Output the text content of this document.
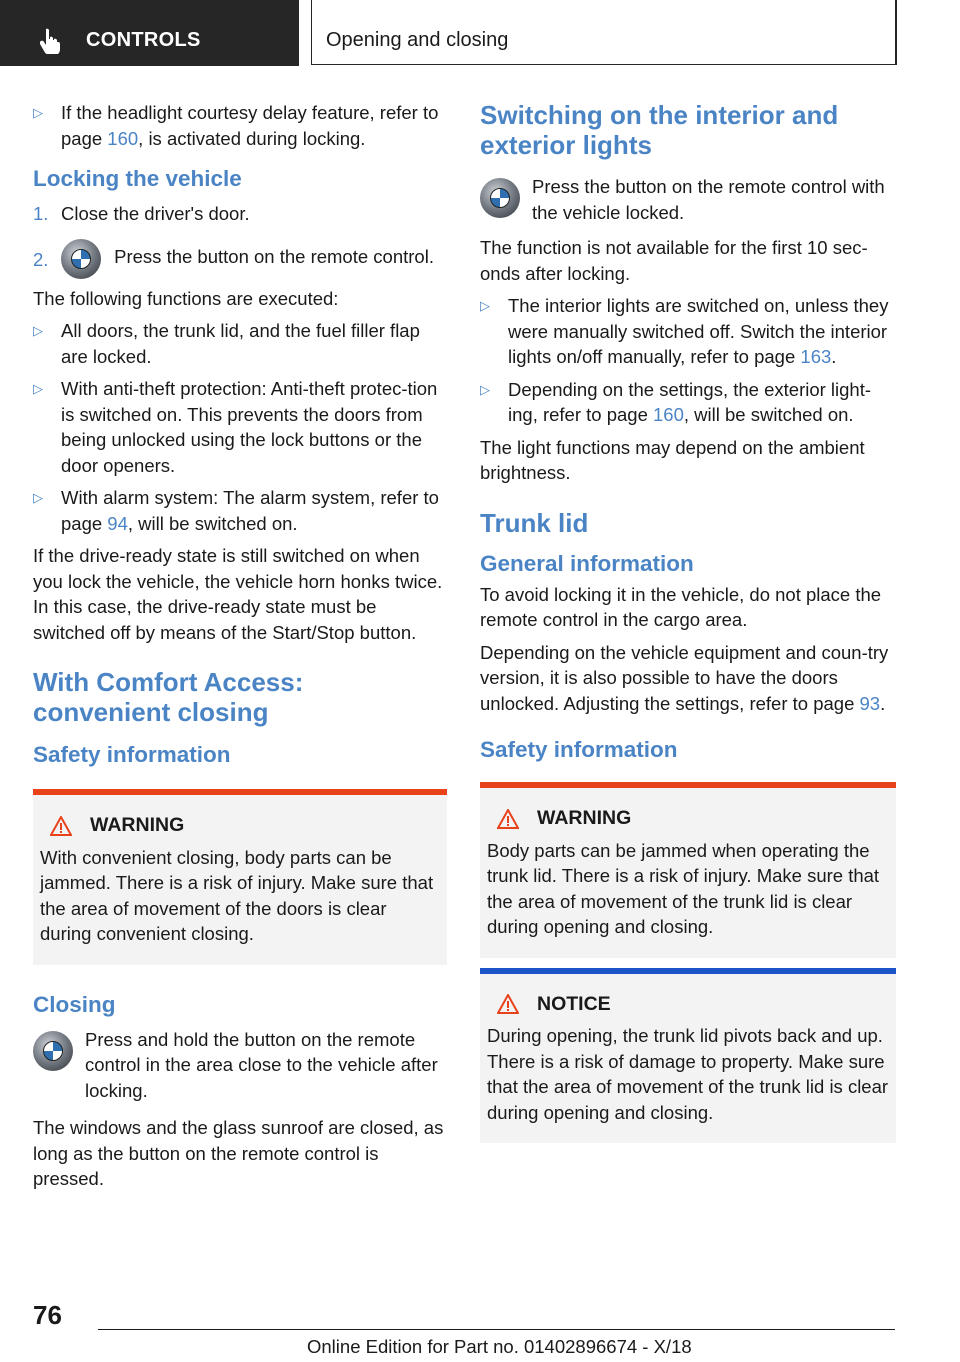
CONTROLS	Opening and closing
▷ If the headlight courtesy delay feature, refer to page 160, is activated during locking.
Locking the vehicle
1. Close the driver's door.
2.	Press the button on the remote control.

The following functions are executed:

▷ All doors, the trunk lid, and the fuel filler flap are locked.
▷ With anti-theft protection: Anti-theft protec‐tion is switched on. This prevents the doors from being unlocked using the lock buttons or the door openers.
▷ With alarm system: The alarm system, refer to page 94, will be switched on.

If the drive-ready state is still switched on when you lock the vehicle, the vehicle horn honks twice. In this case, the drive-ready state must be switched off by means of the Start/Stop button.

With Comfort Access: convenient closing
Safety information
WARNING
With convenient closing, body parts can be jammed. There is a risk of injury. Make sure that the area of movement of the doors is clear during convenient closing.
Closing
Press and hold the button on the remote control in the area close to the vehicle after locking.

The windows and the glass sunroof are closed, as long as the button on the remote control is pressed.

Switching on the interior and exterior lights
Press the button on the remote control with the vehicle locked.

The function is not available for the first 10 sec‐onds after locking.

▷ The interior lights are switched on, unless they were manually switched off. Switch the interior lights on/off manually, refer to page 163.
▷ Depending on the settings, the exterior light‐ing, refer to page 160, will be switched on.

The light functions may depend on the ambient brightness.

Trunk lid
General information

To avoid locking it in the vehicle, do not place the remote control in the cargo area.

Depending on the vehicle equipment and coun‐try version, it is also possible to have the doors unlocked. Adjusting the settings, refer to page 93.

Safety information
WARNING
Body parts can be jammed when operating the trunk lid. There is a risk of injury. Make sure that the area of movement of the trunk lid is clear during opening and closing.
NOTICE
During opening, the trunk lid pivots back and up. There is a risk of damage to property. Make sure that the area of movement of the trunk lid is clear during opening and closing.
76
Online Edition for Part no. 01402896674 - X/18
